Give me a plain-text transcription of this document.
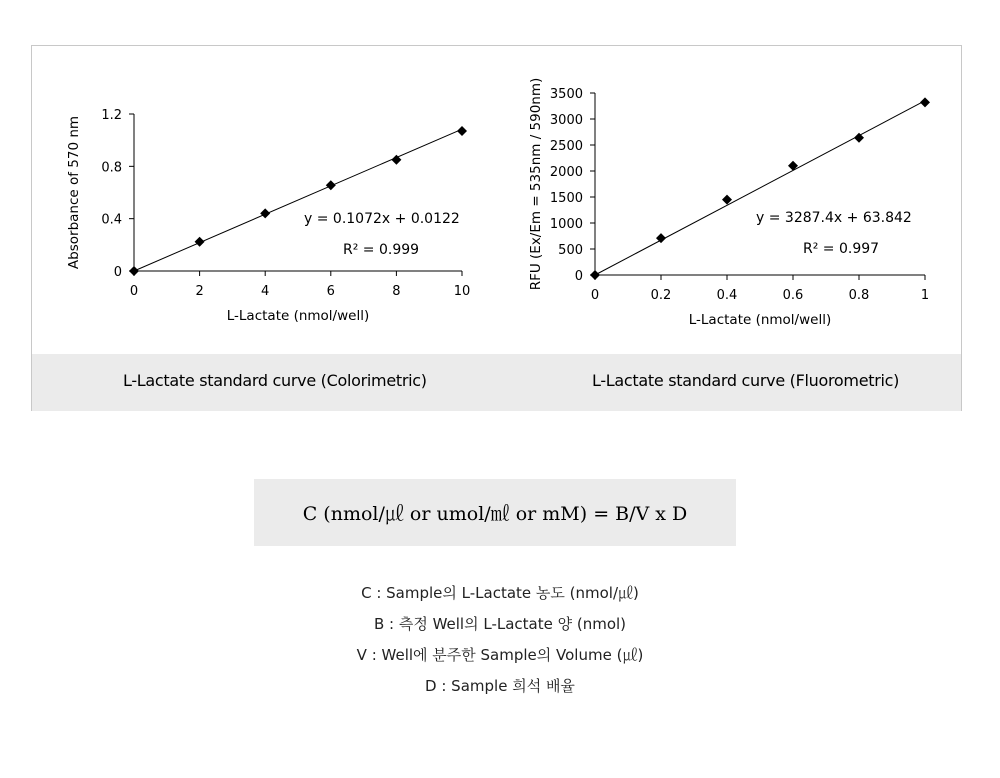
0
0.4
0.8
1.2
0	2	4	6	8	10
L-Lactate (nmol/well)
Absorbance of 570 nm	y = 0.1072x + 0.0122
R² = 0.999
0
500
1000
1500
2000
2500
3000
3500
0	0.2	0.4	0.6	0.8	1
L-Lactate (nmol/well)
RFU (Ex/Em = 535nm / 590nm)	y = 3287.4x + 63.842
R² = 0.997
L-Lactate standard curve (Colorimetric)	L-Lactate standard curve (Fluorometric)
C (nmol/㎕ or umol/㎖ or mM) = B/V x D
C : Sample의 L-Lactate 농도 (nmol/㎕)
B : 측정 Well의 L-Lactate 양 (nmol)
V : Well에 분주한 Sample의 Volume (㎕)
D : Sample 희석 배율
